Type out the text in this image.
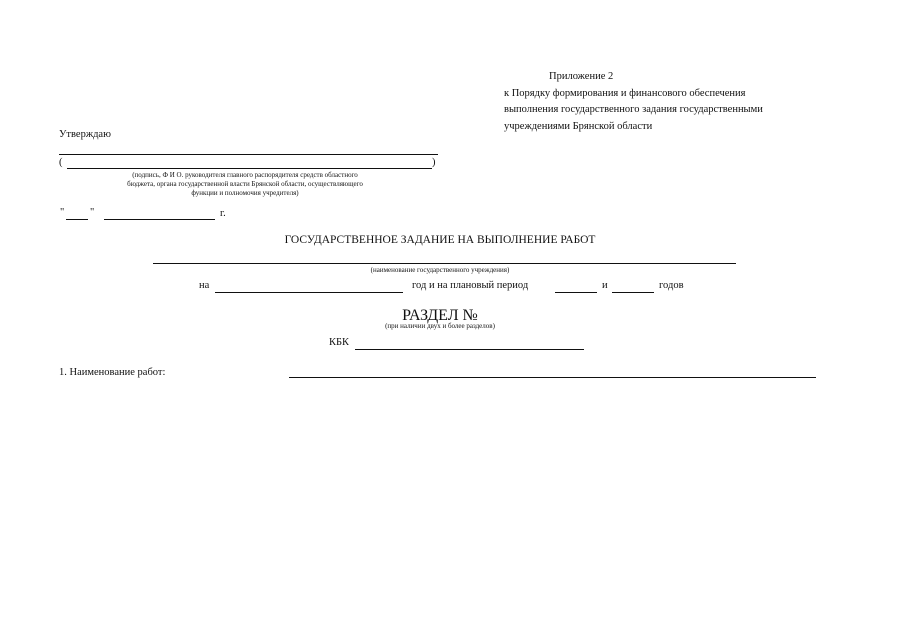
Приложение 2
к Порядку формирования и финансового обеспечения
выполнения государственного задания государственными
учреждениями Брянской области
Утверждаю
(	)
(подпись, Ф И О. руководителя главного распорядителя средств областного
бюджета, органа государственной власти Брянской области, осуществляющего
функции и полномочия учредителя)
" "	г.
ГОСУДАРСТВЕННОЕ ЗАДАНИЕ НА ВЫПОЛНЕНИЕ РАБОТ
(наименование государственного учреждения)
на	год и на плановый период	и	годов
РАЗДЕЛ №
(при наличии двух и более разделов)
КБК
1. Наименование работ:
